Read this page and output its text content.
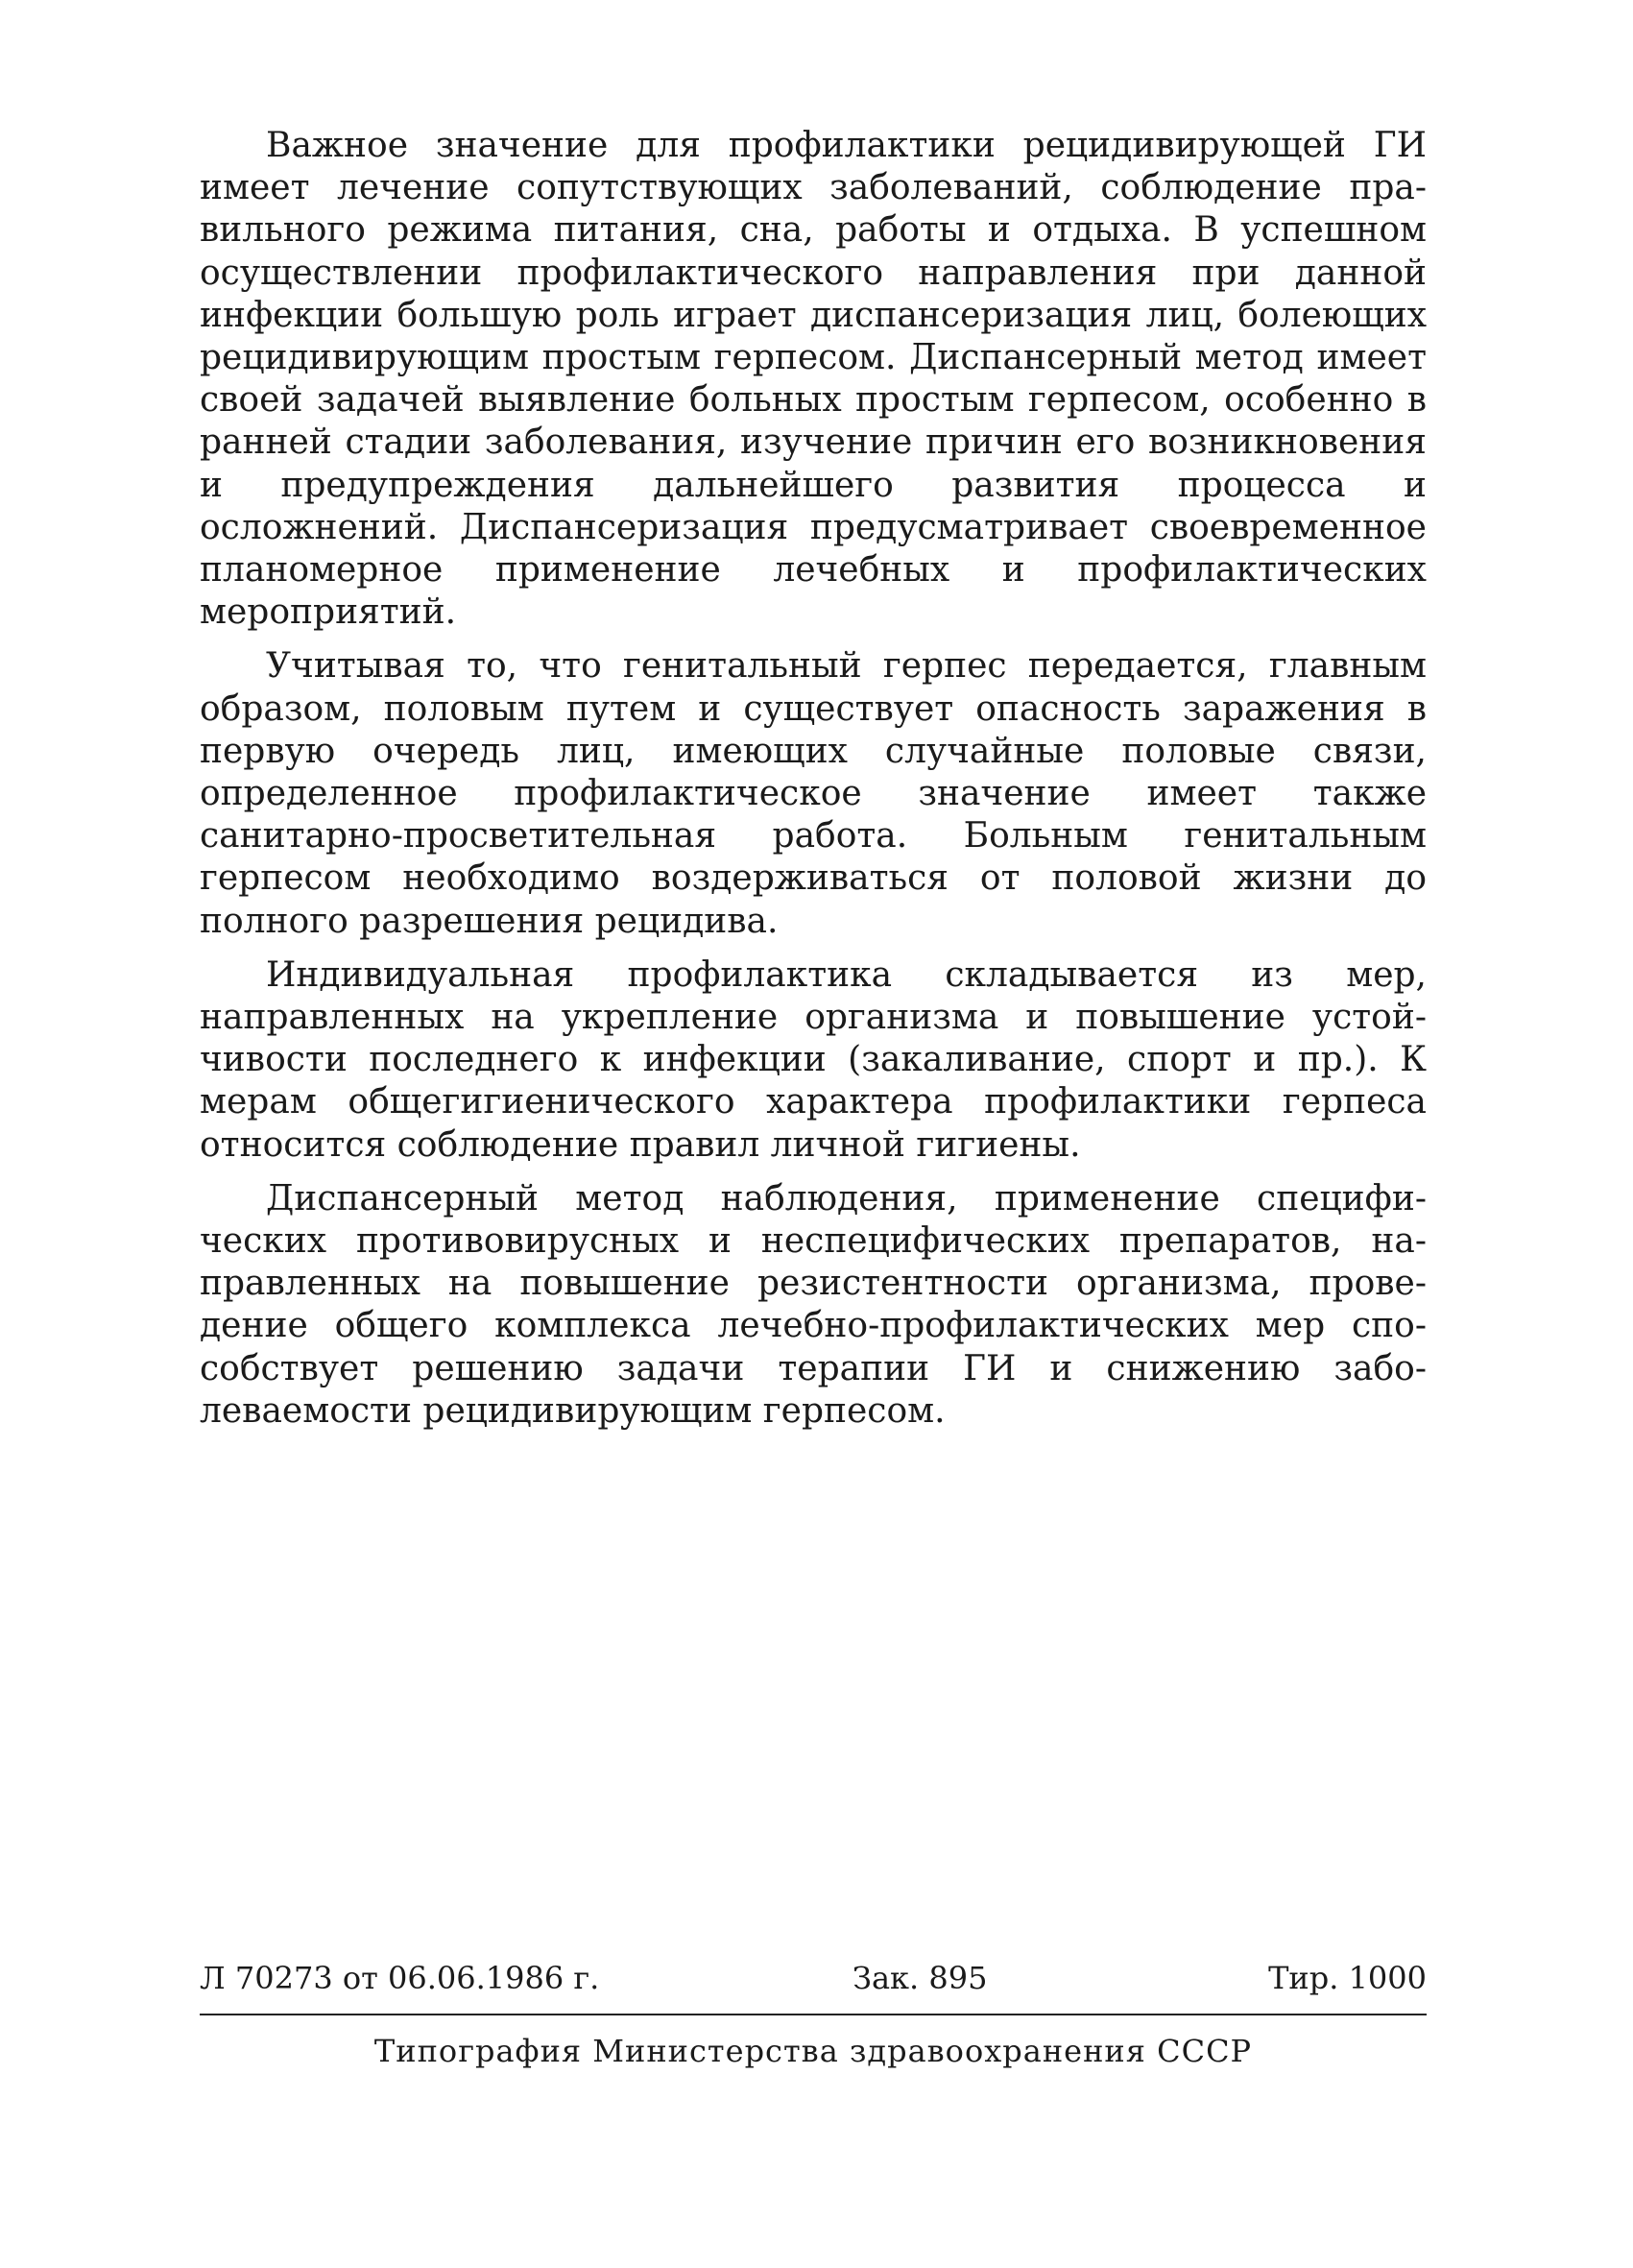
Важное значение для профилактики рецидивирующей ГИ имеет лечение сопутствующих заболеваний, соблюдение правильного режима питания, сна, работы и отдыха. В успешном осуществлении профилактического направления при данной инфекции большую роль играет диспансеризация лиц, болеющих рецидивирующим простым герпесом. Диспансерный метод имеет своей задачей выявление больных простым герпесом, особенно в ранней стадии заболевания, изучение причин его возникновения и предупреждения дальнейшего развития процесса и осложнений. Диспансеризация предусматривает своевременное планомерное применение лечебных и профилактических мероприятий.

Учитывая то, что генитальный герпес передается, главным образом, половым путем и существует опасность заражения в первую очередь лиц, имеющих случайные половые связи, определенное профилактическое значение имеет также санитарно-просветительная работа. Больным генитальным герпесом необходимо воздерживаться от половой жизни до полного разрешения рецидива.

Индивидуальная профилактика складывается из мер, направленных на укрепление организма и повышение устойчивости последнего к инфекции (закаливание, спорт и пр.). К мерам общегигиенического характера профилактики герпеса относится соблюдение правил личной гигиены.

Диспансерный метод наблюдения, применение специфических противовирусных и неспецифических препаратов, направленных на повышение резистентности организма, проведение общего комплекса лечебно-профилактических мер способствует решению задачи терапии ГИ и снижению заболеваемости рецидивирующим герпесом.

Л 70273 от 06.06.1986 г.	Зак. 895	Тир. 1000
Типография Министерства здравоохранения СССР
